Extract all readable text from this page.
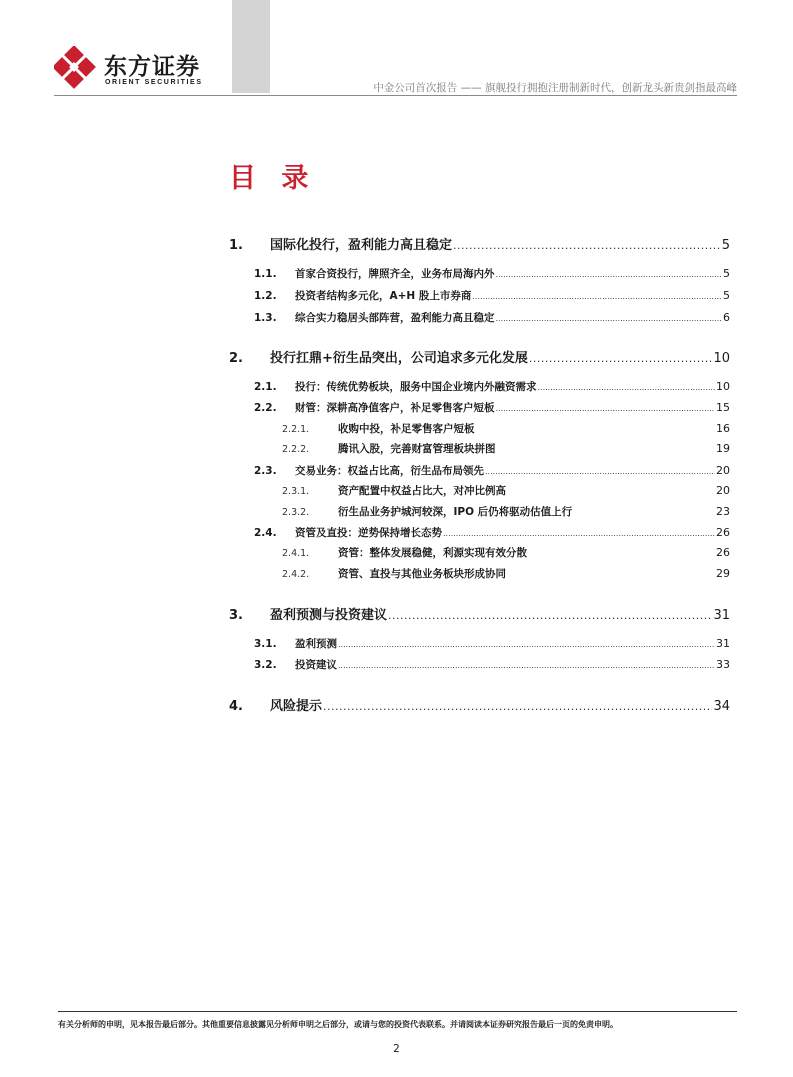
东方证券
ORIENT SECURITIES	中金公司首次报告 —— 旗舰投行拥抱注册制新时代，创新龙头新贵剑指最高峰
目 录
1.	国际化投行，盈利能力高且稳定 .....	5
1.1.	首家合资投行，牌照齐全，业务布局海内外 .....	5
1.2.	投资者结构多元化，A+H 股上市券商 .....	5
1.3.	综合实力稳居头部阵营，盈利能力高且稳定 .....	6
2.	投行扛鼎+衍生品突出，公司追求多元化发展 .....	10
2.1.	投行：传统优势板块，服务中国企业境内外融资需求 .....	10
2.2.	财管：深耕高净值客户，补足零售客户短板 .....	15
2.2.1.	收购中投，补足零售客户短板	16
2.2.2.	腾讯入股，完善财富管理板块拼图	19
2.3.	交易业务：权益占比高，衍生品布局领先 .....	20
2.3.1.	资产配置中权益占比大，对冲比例高	20
2.3.2.	衍生品业务护城河较深，IPO 后仍将驱动估值上行	23
2.4.	资管及直投：逆势保持增长态势 .....	26
2.4.1.	资管：整体发展稳健，利源实现有效分散	26
2.4.2.	资管、直投与其他业务板块形成协同	29
3.	盈利预测与投资建议 .....	31
3.1.	盈利预测 .....	31
3.2.	投资建议 .....	33
4.	风险提示 .....	34
有关分析师的申明，见本报告最后部分。其他重要信息披露见分析师申明之后部分，或请与您的投资代表联系。并请阅读本证券研究报告最后一页的免责申明。
2
